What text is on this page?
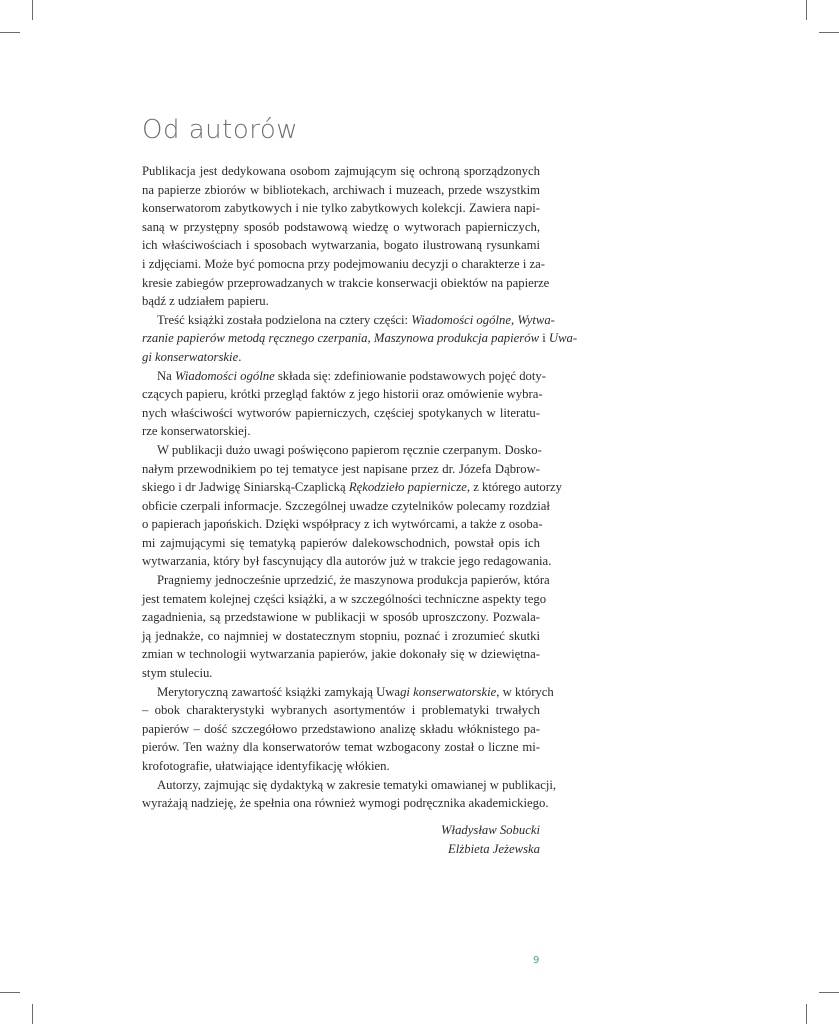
Od autorów
Publikacja jest dedykowana osobom zajmującym się ochroną sporządzonych
na papierze zbiorów w bibliotekach, archiwach i muzeach, przede wszystkim
konserwatorom zabytkowych i nie tylko zabytkowych kolekcji. Zawiera napi-
saną w przystępny sposób podstawową wiedzę o wytworach papierniczych,
ich właściwościach i sposobach wytwarzania, bogato ilustrowaną rysunkami
i zdjęciami. Może być pomocna przy podejmowaniu decyzji o charakterze i za-
kresie zabiegów przeprowadzanych w trakcie konserwacji obiektów na papierze
bądź z udziałem papieru.
Treść książki została podzielona na cztery części: Wiadomości ogólne, Wytwa-
rzanie papierów metodą ręcznego czerpania, Maszynowa produkcja papierów i Uwa-
gi konserwatorskie.
Na Wiadomości ogólne składa się: zdefiniowanie podstawowych pojęć doty-
czących papieru, krótki przegląd faktów z jego historii oraz omówienie wybra-
nych właściwości wytworów papierniczych, częściej spotykanych w literatu-
rze konserwatorskiej.
W publikacji dużo uwagi poświęcono papierom ręcznie czerpanym. Dosko-
nałym przewodnikiem po tej tematyce jest napisane przez dr. Józefa Dąbrow-
skiego i dr Jadwigę Siniarską-Czaplicką Rękodzieło papiernicze, z którego autorzy
obficie czerpali informacje. Szczególnej uwadze czytelników polecamy rozdział
o papierach japońskich. Dzięki współpracy z ich wytwórcami, a także z osoba-
mi zajmującymi się tematyką papierów dalekowschodnich, powstał opis ich
wytwarzania, który był fascynujący dla autorów już w trakcie jego redagowania.
Pragniemy jednocześnie uprzedzić, że maszynowa produkcja papierów, która
jest tematem kolejnej części książki, a w szczególności techniczne aspekty tego
zagadnienia, są przedstawione w publikacji w sposób uproszczony. Pozwala-
ją jednakże, co najmniej w dostatecznym stopniu, poznać i zrozumieć skutki
zmian w technologii wytwarzania papierów, jakie dokonały się w dziewiętna-
stym stuleciu.
Merytoryczną zawartość książki zamykają Uwagi konserwatorskie, w których
– obok charakterystyki wybranych asortymentów i problematyki trwałych
papierów – dość szczegółowo przedstawiono analizę składu włóknistego pa-
pierów. Ten ważny dla konserwatorów temat wzbogacony został o liczne mi-
krofotografie, ułatwiające identyfikację włókien.
Autorzy, zajmując się dydaktyką w zakresie tematyki omawianej w publikacji,
wyrażają nadzieję, że spełnia ona również wymogi podręcznika akademickiego.
Władysław Sobucki
Elżbieta Jeżewska
9
